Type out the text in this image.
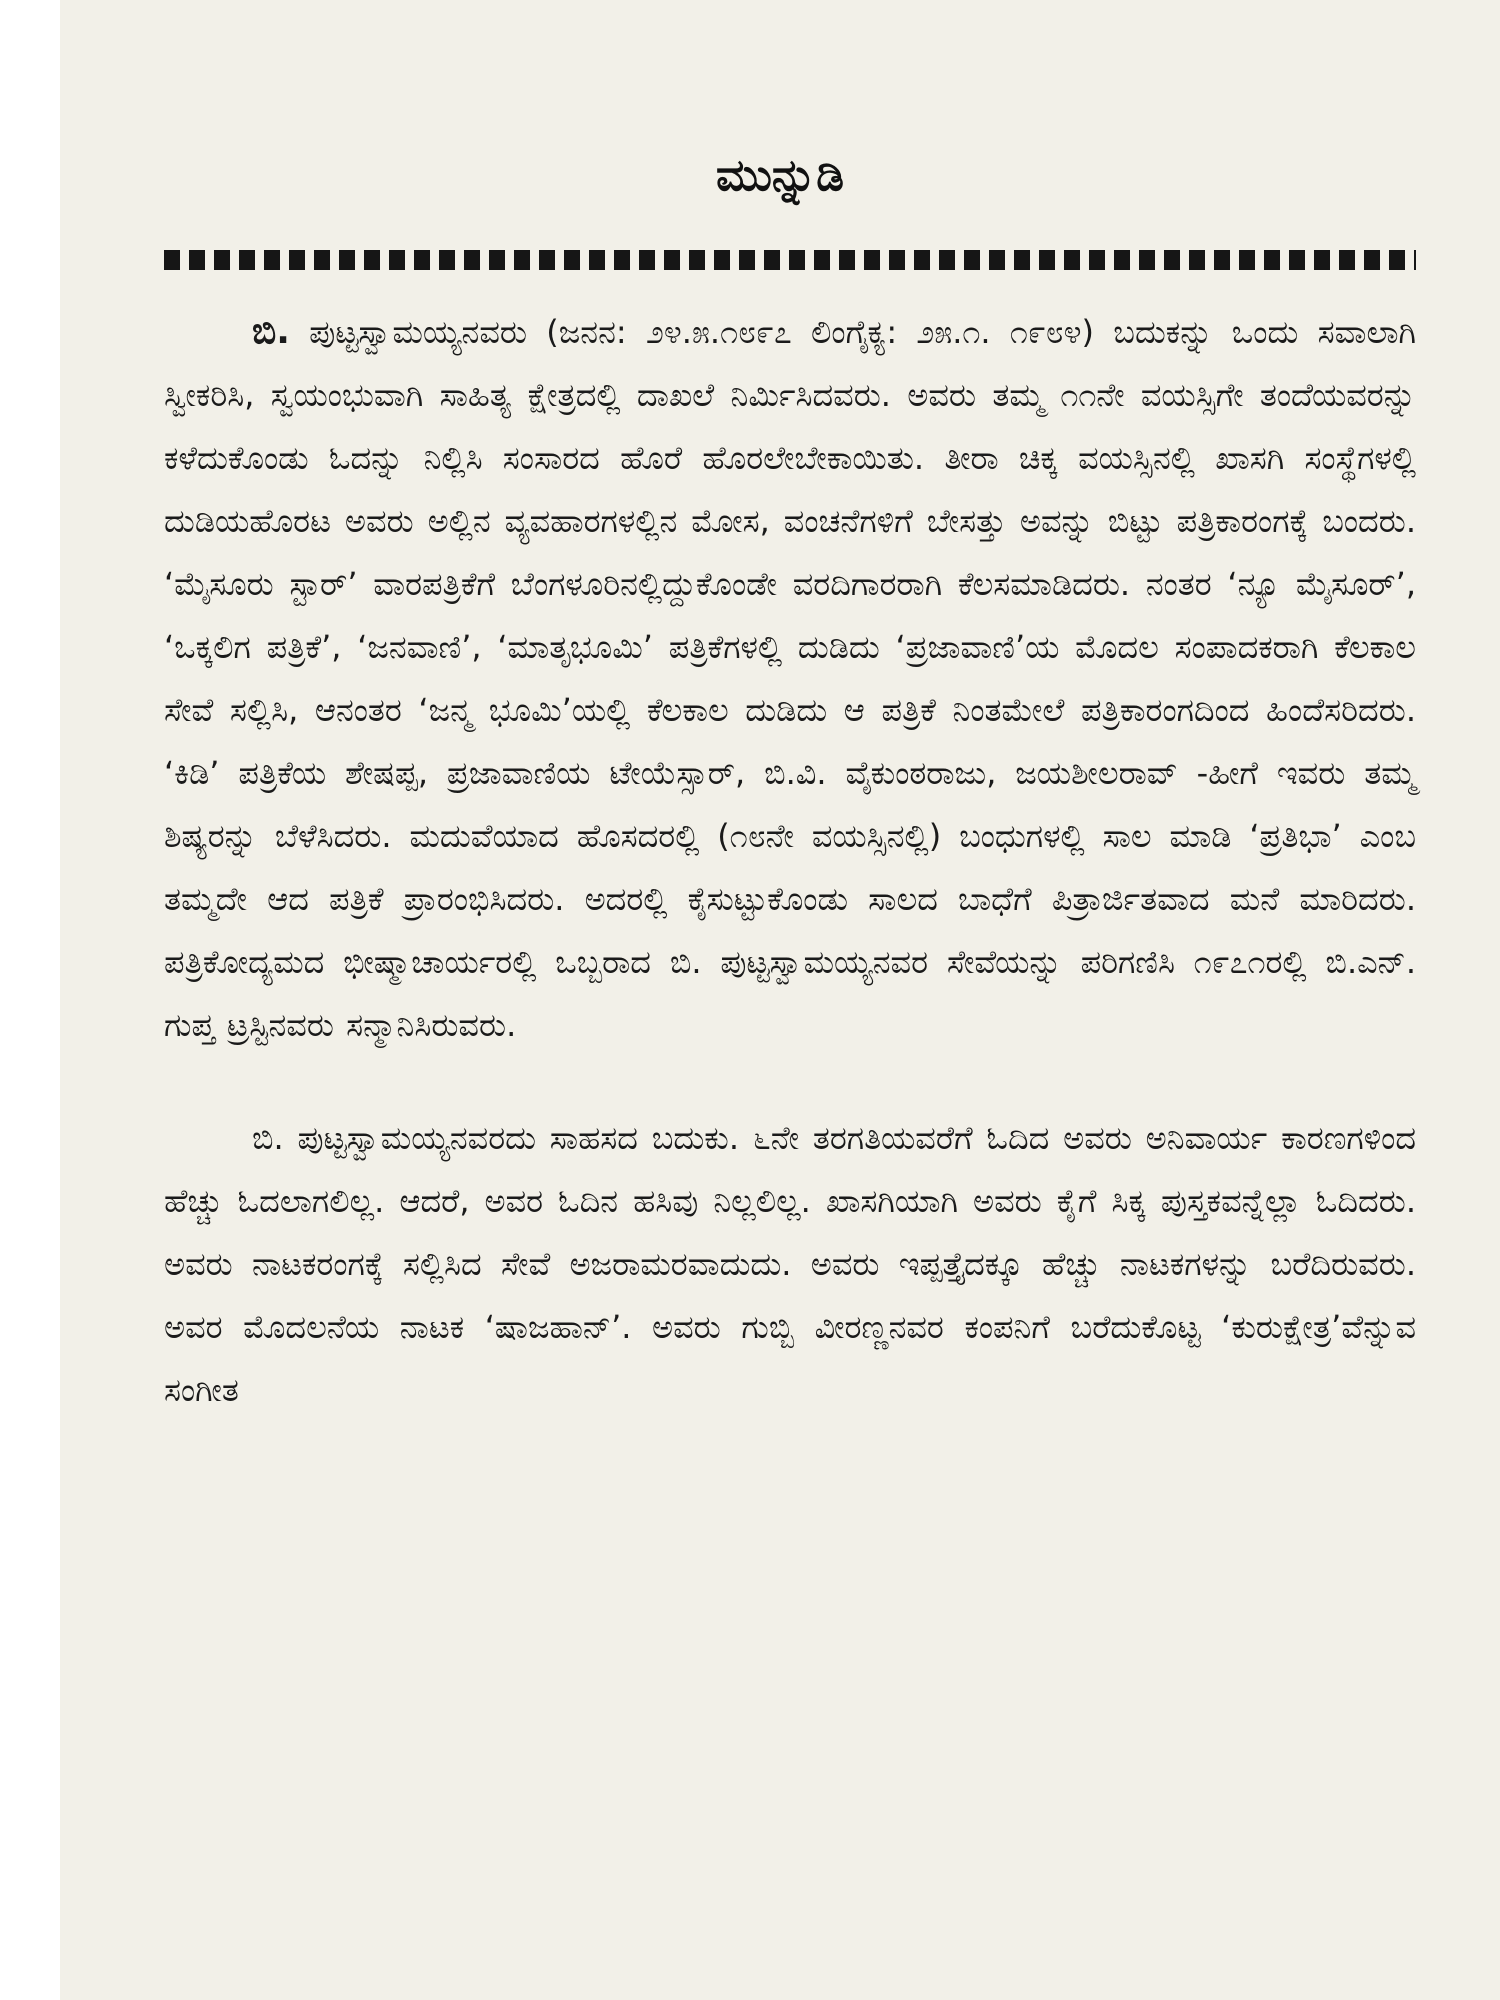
ಮುನ್ನುಡಿ

ಬಿ. ಪುಟ್ಟಸ್ವಾಮಯ್ಯನವರು (ಜನನ: ೨೪.೫.೧೮೯೭ ಲಿಂಗೈಕ್ಯ: ೨೫.೧. ೧೯೮೪) ಬದುಕನ್ನು ಒಂದು ಸವಾಲಾಗಿ ಸ್ವೀಕರಿಸಿ, ಸ್ವಯಂಭುವಾಗಿ ಸಾಹಿತ್ಯ ಕ್ಷೇತ್ರದಲ್ಲಿ ದಾಖಲೆ ನಿರ್ಮಿಸಿದವರು. ಅವರು ತಮ್ಮ ೧೧ನೇ ವಯಸ್ಸಿಗೇ ತಂದೆಯವರನ್ನು ಕಳೆದುಕೊಂಡು ಓದನ್ನು ನಿಲ್ಲಿಸಿ ಸಂಸಾರದ ಹೊರೆ ಹೊರಲೇಬೇಕಾಯಿತು. ತೀರಾ ಚಿಕ್ಕ ವಯಸ್ಸಿನಲ್ಲಿ ಖಾಸಗಿ ಸಂಸ್ಥೆಗಳಲ್ಲಿ ದುಡಿಯಹೊರಟ ಅವರು ಅಲ್ಲಿನ ವ್ಯವಹಾರಗಳಲ್ಲಿನ ಮೋಸ, ವಂಚನೆಗಳಿಗೆ ಬೇಸತ್ತು ಅವನ್ನು ಬಿಟ್ಟು ಪತ್ರಿಕಾರಂಗಕ್ಕೆ ಬಂದರು. ‘ಮೈಸೂರು ಸ್ಟಾರ್’ ವಾರಪತ್ರಿಕೆಗೆ ಬೆಂಗಳೂರಿನಲ್ಲಿದ್ದುಕೊಂಡೇ ವರದಿಗಾರರಾಗಿ ಕೆಲಸಮಾಡಿದರು. ನಂತರ ‘ನ್ಯೂ ಮೈಸೂರ್’, ‘ಒಕ್ಕಲಿಗ ಪತ್ರಿಕೆ’, ‘ಜನವಾಣಿ’, ‘ಮಾತೃಭೂಮಿ’ ಪತ್ರಿಕೆಗಳಲ್ಲಿ ದುಡಿದು ‘ಪ್ರಜಾವಾಣಿ’ಯ ಮೊದಲ ಸಂಪಾದಕರಾಗಿ ಕೆಲಕಾಲ ಸೇವೆ ಸಲ್ಲಿಸಿ, ಆನಂತರ ‘ಜನ್ಮ ಭೂಮಿ’ಯಲ್ಲಿ ಕೆಲಕಾಲ ದುಡಿದು ಆ ಪತ್ರಿಕೆ ನಿಂತಮೇಲೆ ಪತ್ರಿಕಾರಂಗದಿಂದ ಹಿಂದೆಸರಿದರು. ‘ಕಿಡಿ’ ಪತ್ರಿಕೆಯ ಶೇಷಪ್ಪ, ಪ್ರಜಾವಾಣಿಯ ಟೇಯೆಸ್ಸಾರ್, ಬಿ.ವಿ. ವೈಕುಂಠರಾಜು, ಜಯಶೀಲರಾವ್ -ಹೀಗೆ ಇವರು ತಮ್ಮ ಶಿಷ್ಯರನ್ನು ಬೆಳೆಸಿದರು. ಮದುವೆಯಾದ ಹೊಸದರಲ್ಲಿ (೧೮ನೇ ವಯಸ್ಸಿನಲ್ಲಿ) ಬಂಧುಗಳಲ್ಲಿ ಸಾಲ ಮಾಡಿ ‘ಪ್ರತಿಭಾ’ ಎಂಬ ತಮ್ಮದೇ ಆದ ಪತ್ರಿಕೆ ಪ್ರಾರಂಭಿಸಿದರು. ಅದರಲ್ಲಿ ಕೈಸುಟ್ಟುಕೊಂಡು ಸಾಲದ ಬಾಧೆಗೆ ಪಿತ್ರಾರ್ಜಿತವಾದ ಮನೆ ಮಾರಿದರು. ಪತ್ರಿಕೋದ್ಯಮದ ಭೀಷ್ಮಾಚಾರ್ಯರಲ್ಲಿ ಒಬ್ಬರಾದ ಬಿ. ಪುಟ್ಟಸ್ವಾಮಯ್ಯನವರ ಸೇವೆಯನ್ನು ಪರಿಗಣಿಸಿ ೧೯೭೧ರಲ್ಲಿ ಬಿ.ಎನ್. ಗುಪ್ತ ಟ್ರಸ್ಟಿನವರು ಸನ್ಮಾನಿಸಿರುವರು.

ಬಿ. ಪುಟ್ಟಸ್ವಾಮಯ್ಯನವರದು ಸಾಹಸದ ಬದುಕು. ೬ನೇ ತರಗತಿಯವರೆಗೆ ಓದಿದ ಅವರು ಅನಿವಾರ್ಯ ಕಾರಣಗಳಿಂದ ಹೆಚ್ಚು ಓದಲಾಗಲಿಲ್ಲ. ಆದರೆ, ಅವರ ಓದಿನ ಹಸಿವು ನಿಲ್ಲಲಿಲ್ಲ. ಖಾಸಗಿಯಾಗಿ ಅವರು ಕೈಗೆ ಸಿಕ್ಕ ಪುಸ್ತಕವನ್ನೆಲ್ಲಾ ಓದಿದರು. ಅವರು ನಾಟಕರಂಗಕ್ಕೆ ಸಲ್ಲಿಸಿದ ಸೇವೆ ಅಜರಾಮರವಾದುದು. ಅವರು ಇಪ್ಪತ್ತೈದಕ್ಕೂ ಹೆಚ್ಚು ನಾಟಕಗಳನ್ನು ಬರೆದಿರುವರು. ಅವರ ಮೊದಲನೆಯ ನಾಟಕ ‘ಷಾಜಹಾನ್’. ಅವರು ಗುಬ್ಬಿ ವೀರಣ್ಣನವರ ಕಂಪನಿಗೆ ಬರೆದುಕೊಟ್ಟ ‘ಕುರುಕ್ಷೇತ್ರ’ವೆನ್ನುವ ಸಂಗೀತ
